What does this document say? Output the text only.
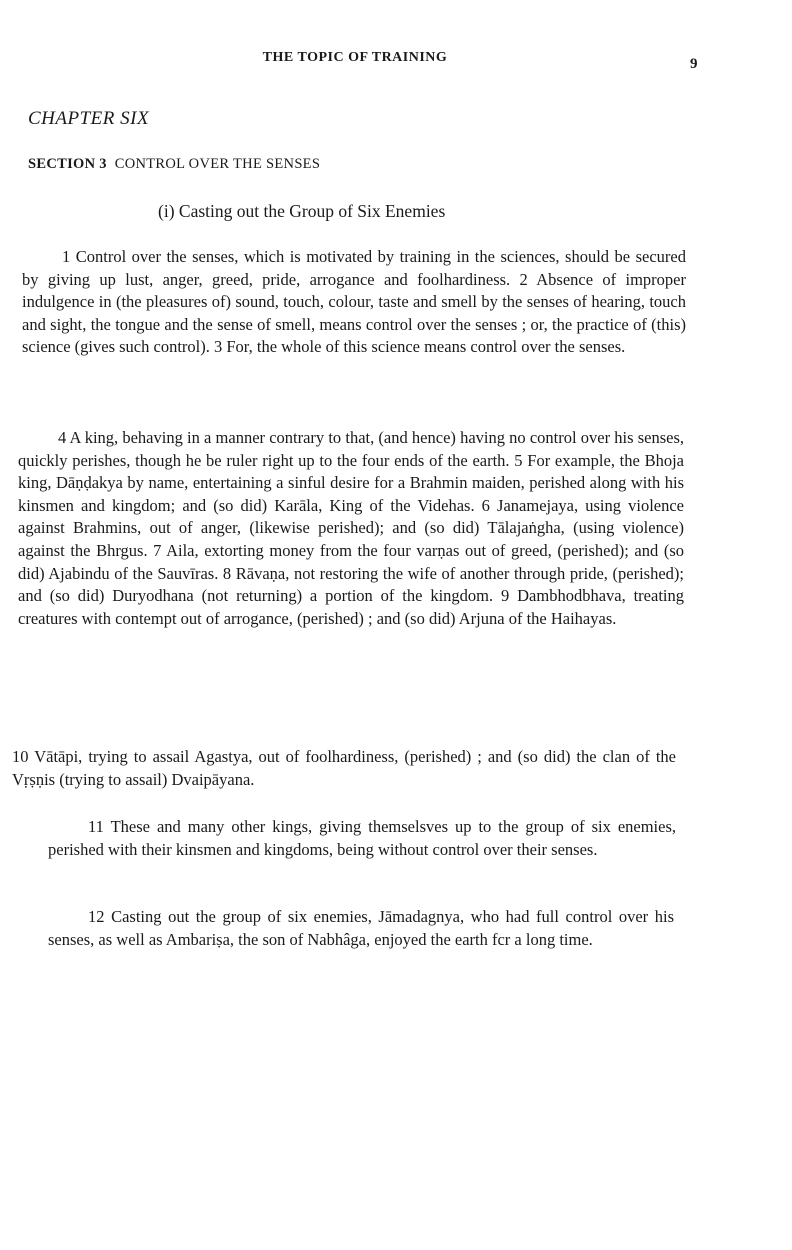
THE TOPIC OF TRAINING	9
CHAPTER SIX
SECTION 3 CONTROL OVER THE SENSES
(i) Casting out the Group of Six Enemies

1 Control over the senses, which is motivated by training in the sciences, should be secured by giving up lust, anger, greed, pride, arrogance and foolhardiness. 2 Absence of improper indulgence in (the pleasures of) sound, touch, colour, taste and smell by the senses of hearing, touch and sight, the tongue and the sense of smell, means control over the senses ; or, the practice of (this) science (gives such control). 3 For, the whole of this science means control over the senses.

4 A king, behaving in a manner contrary to that, (and hence) having no control over his senses, quickly perishes, though he be ruler right up to the four ends of the earth. 5 For example, the Bhoja king, Dāṇḍakya by name, entertaining a sinful desire for a Brahmin maiden, perished along with his kinsmen and kingdom; and (so did) Karāla, King of the Videhas. 6 Janamejaya, using violence against Brahmins, out of anger, (likewise perished); and (so did) Tālajaṅgha, (using violence) against the Bhrgus. 7 Aila, extorting money from the four varṇas out of greed, (perished); and (so did) Ajabindu of the Sauvīras. 8 Rāvaṇa, not restoring the wife of another through pride, (perished); and (so did) Duryodhana (not returning) a portion of the kingdom. 9 Dambhodbhava, treating creatures with contempt out of arrogance, (perished) ; and (so did) Arjuna of the Haihayas.

10 Vātāpi, trying to assail Agastya, out of foolhardiness, (perished) ; and (so did) the clan of the Vṛṣṇis (trying to assail) Dvaipāyana.

11 These and many other kings, giving themselsves up to the group of six enemies, perished with their kinsmen and kingdoms, being without control over their senses.

12 Casting out the group of six enemies, Jāmadagnya, who had full control over his senses, as well as Ambariṣa, the son of Nabhâga, enjoyed the earth fcr a long time.
